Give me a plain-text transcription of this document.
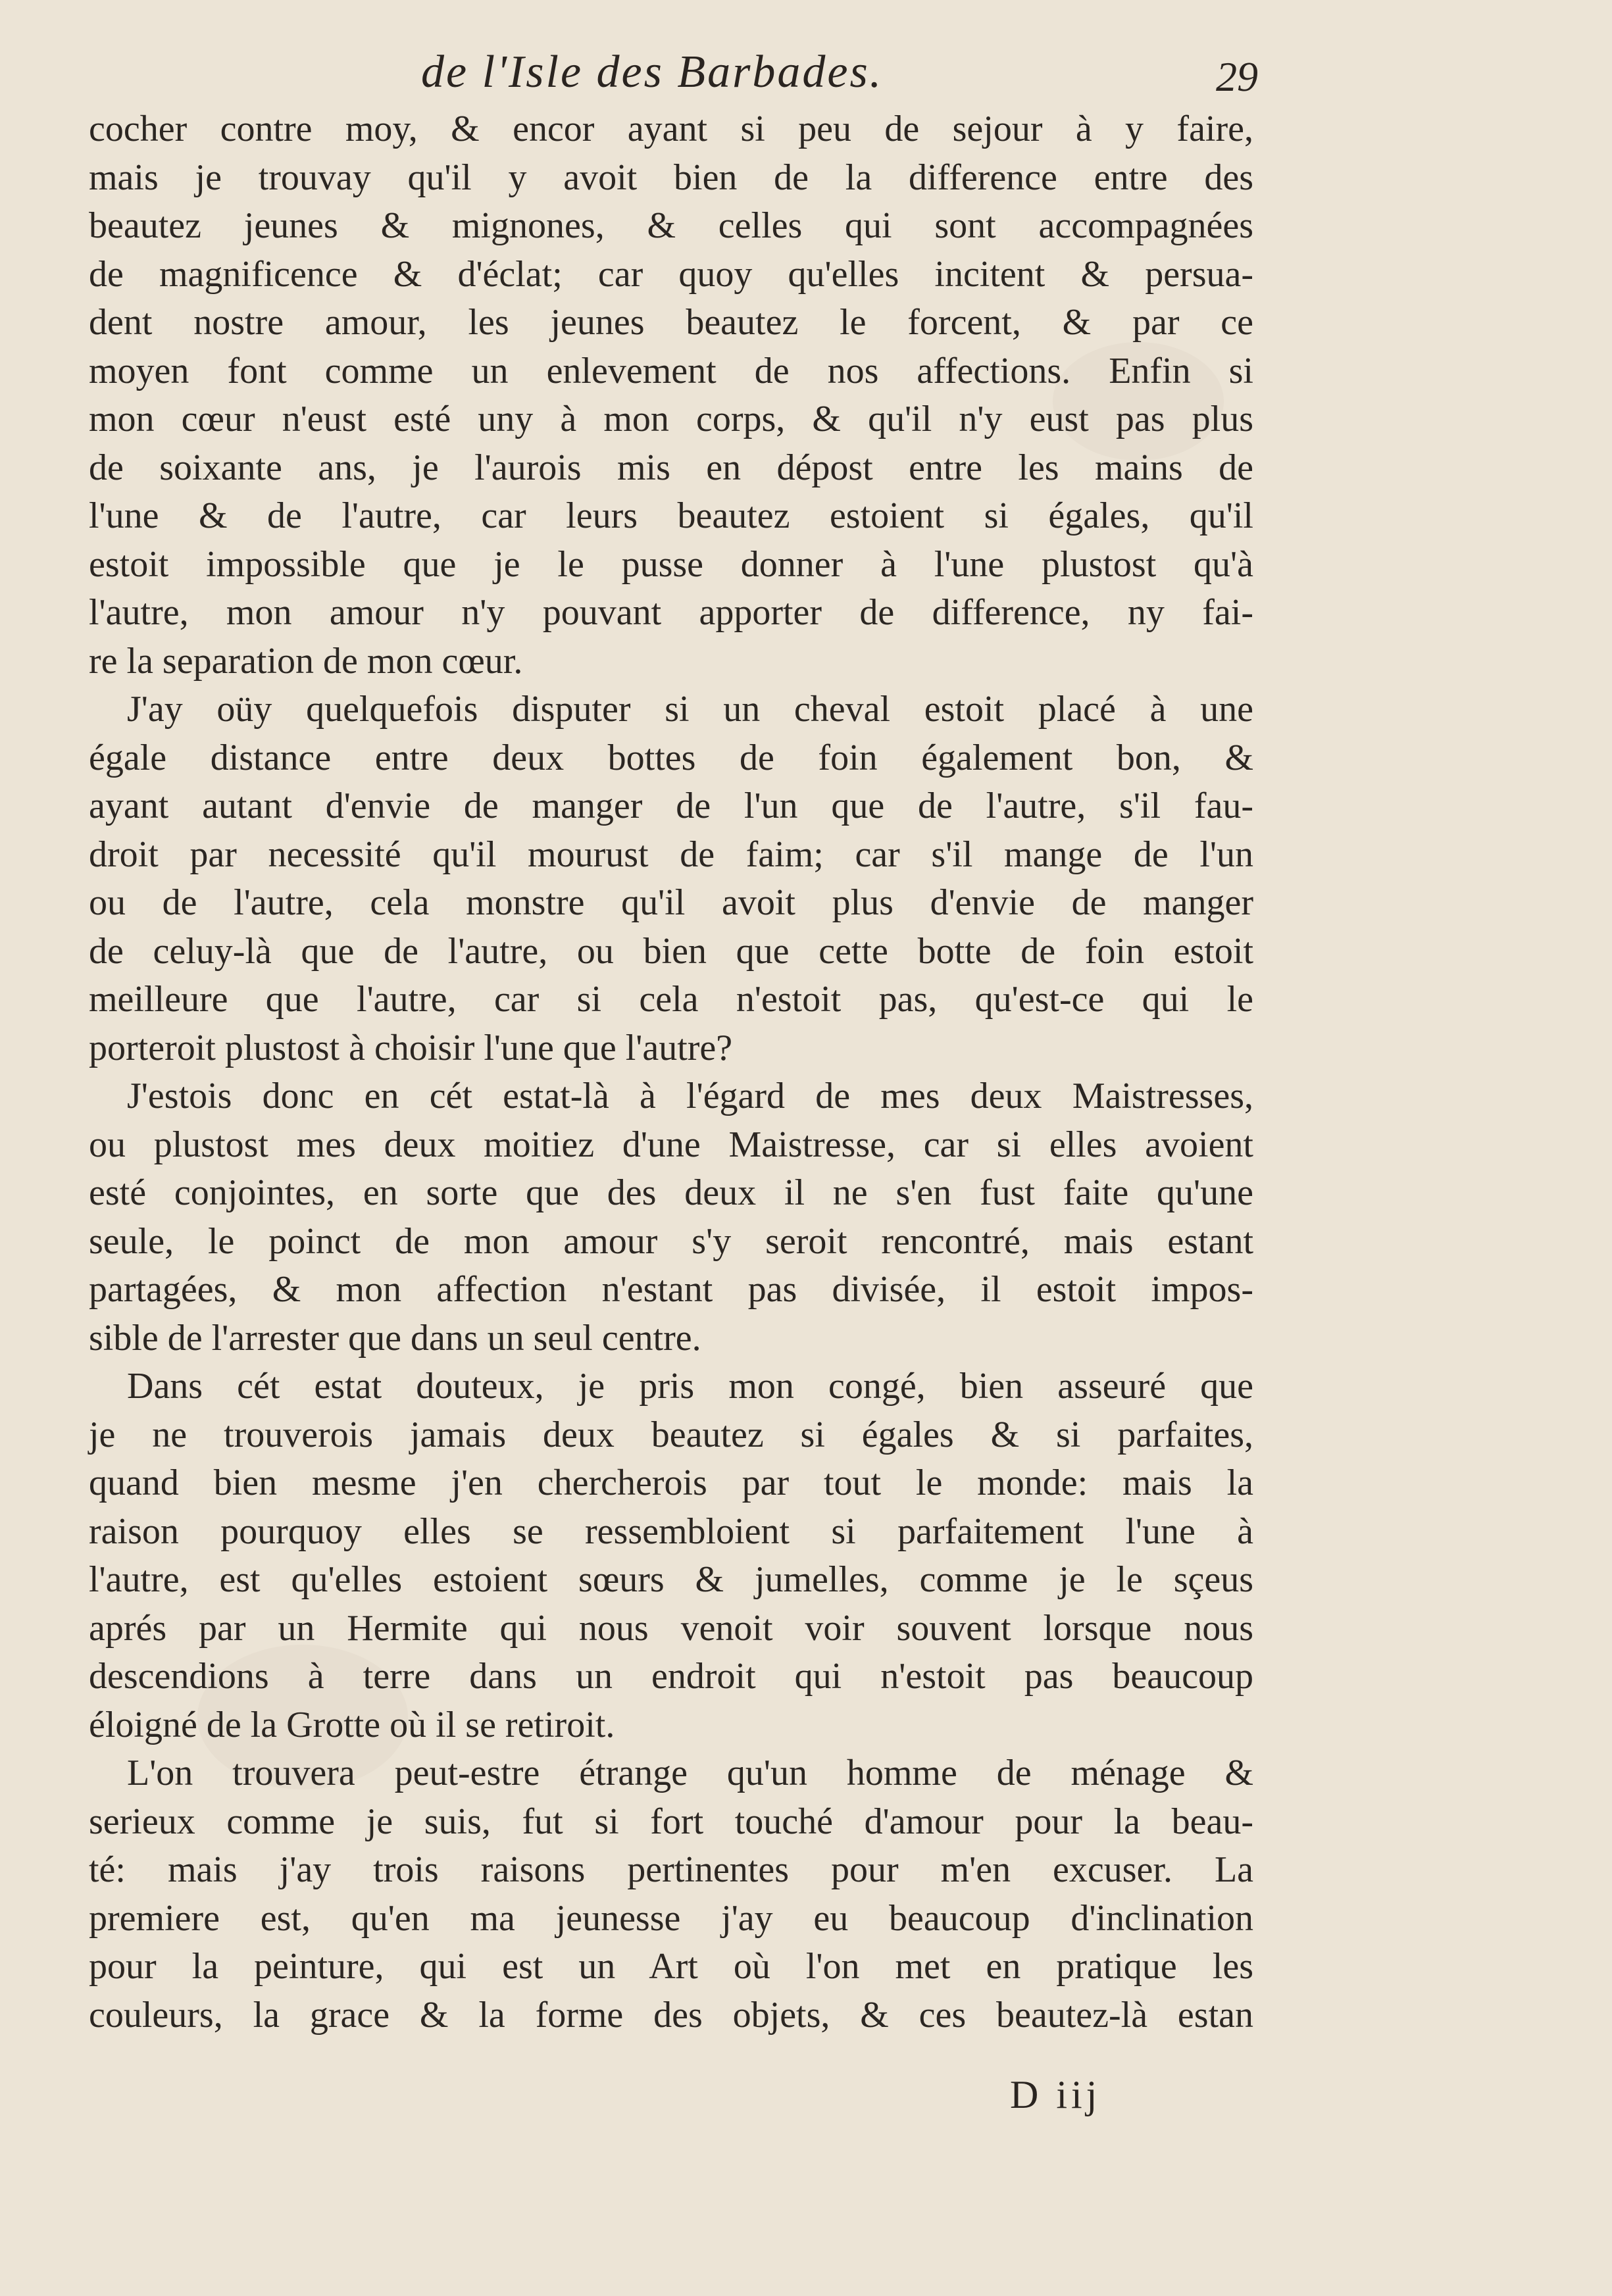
de l'Isle des Barbades.	29
cocher contre moy, & encor ayant si peu de sejour à y faire,
mais je trouvay qu'il y avoit bien de la difference entre des
beautez jeunes & mignones, & celles qui sont accompagnées
de magnificence & d'éclat; car quoy qu'elles incitent & persua-
dent nostre amour, les jeunes beautez le forcent, & par ce
moyen font comme un enlevement de nos affections. Enfin si
mon cœur n'eust esté uny à mon corps, & qu'il n'y eust pas plus
de soixante ans, je l'aurois mis en dépost entre les mains de
l'une & de l'autre, car leurs beautez estoient si égales, qu'il
estoit impossible que je le pusse donner à l'une plustost qu'à
l'autre, mon amour n'y pouvant apporter de difference, ny fai-
re la separation de mon cœur.
J'ay oüy quelquefois disputer si un cheval estoit placé à une
égale distance entre deux bottes de foin également bon, &
ayant autant d'envie de manger de l'un que de l'autre, s'il fau-
droit par necessité qu'il mourust de faim; car s'il mange de l'un
ou de l'autre, cela monstre qu'il avoit plus d'envie de manger
de celuy-là que de l'autre, ou bien que cette botte de foin estoit
meilleure que l'autre, car si cela n'estoit pas, qu'est-ce qui le
porteroit plustost à choisir l'une que l'autre?
J'estois donc en cét estat-là à l'égard de mes deux Maistresses,
ou plustost mes deux moitiez d'une Maistresse, car si elles avoient
esté conjointes, en sorte que des deux il ne s'en fust faite qu'une
seule, le poinct de mon amour s'y seroit rencontré, mais estant
partagées, & mon affection n'estant pas divisée, il estoit impos-
sible de l'arrester que dans un seul centre.
Dans cét estat douteux, je pris mon congé, bien asseuré que
je ne trouverois jamais deux beautez si égales & si parfaites,
quand bien mesme j'en chercherois par tout le monde: mais la
raison pourquoy elles se ressembloient si parfaitement l'une à
l'autre, est qu'elles estoient sœurs & jumelles, comme je le sçeus
aprés par un Hermite qui nous venoit voir souvent lorsque nous
descendions à terre dans un endroit qui n'estoit pas beaucoup
éloigné de la Grotte où il se retiroit.
L'on trouvera peut-estre étrange qu'un homme de ménage &
serieux comme je suis, fut si fort touché d'amour pour la beau-
té: mais j'ay trois raisons pertinentes pour m'en excuser. La
premiere est, qu'en ma jeunesse j'ay eu beaucoup d'inclination
pour la peinture, qui est un Art où l'on met en pratique les
couleurs, la grace & la forme des objets, & ces beautez-là estan
D iij
